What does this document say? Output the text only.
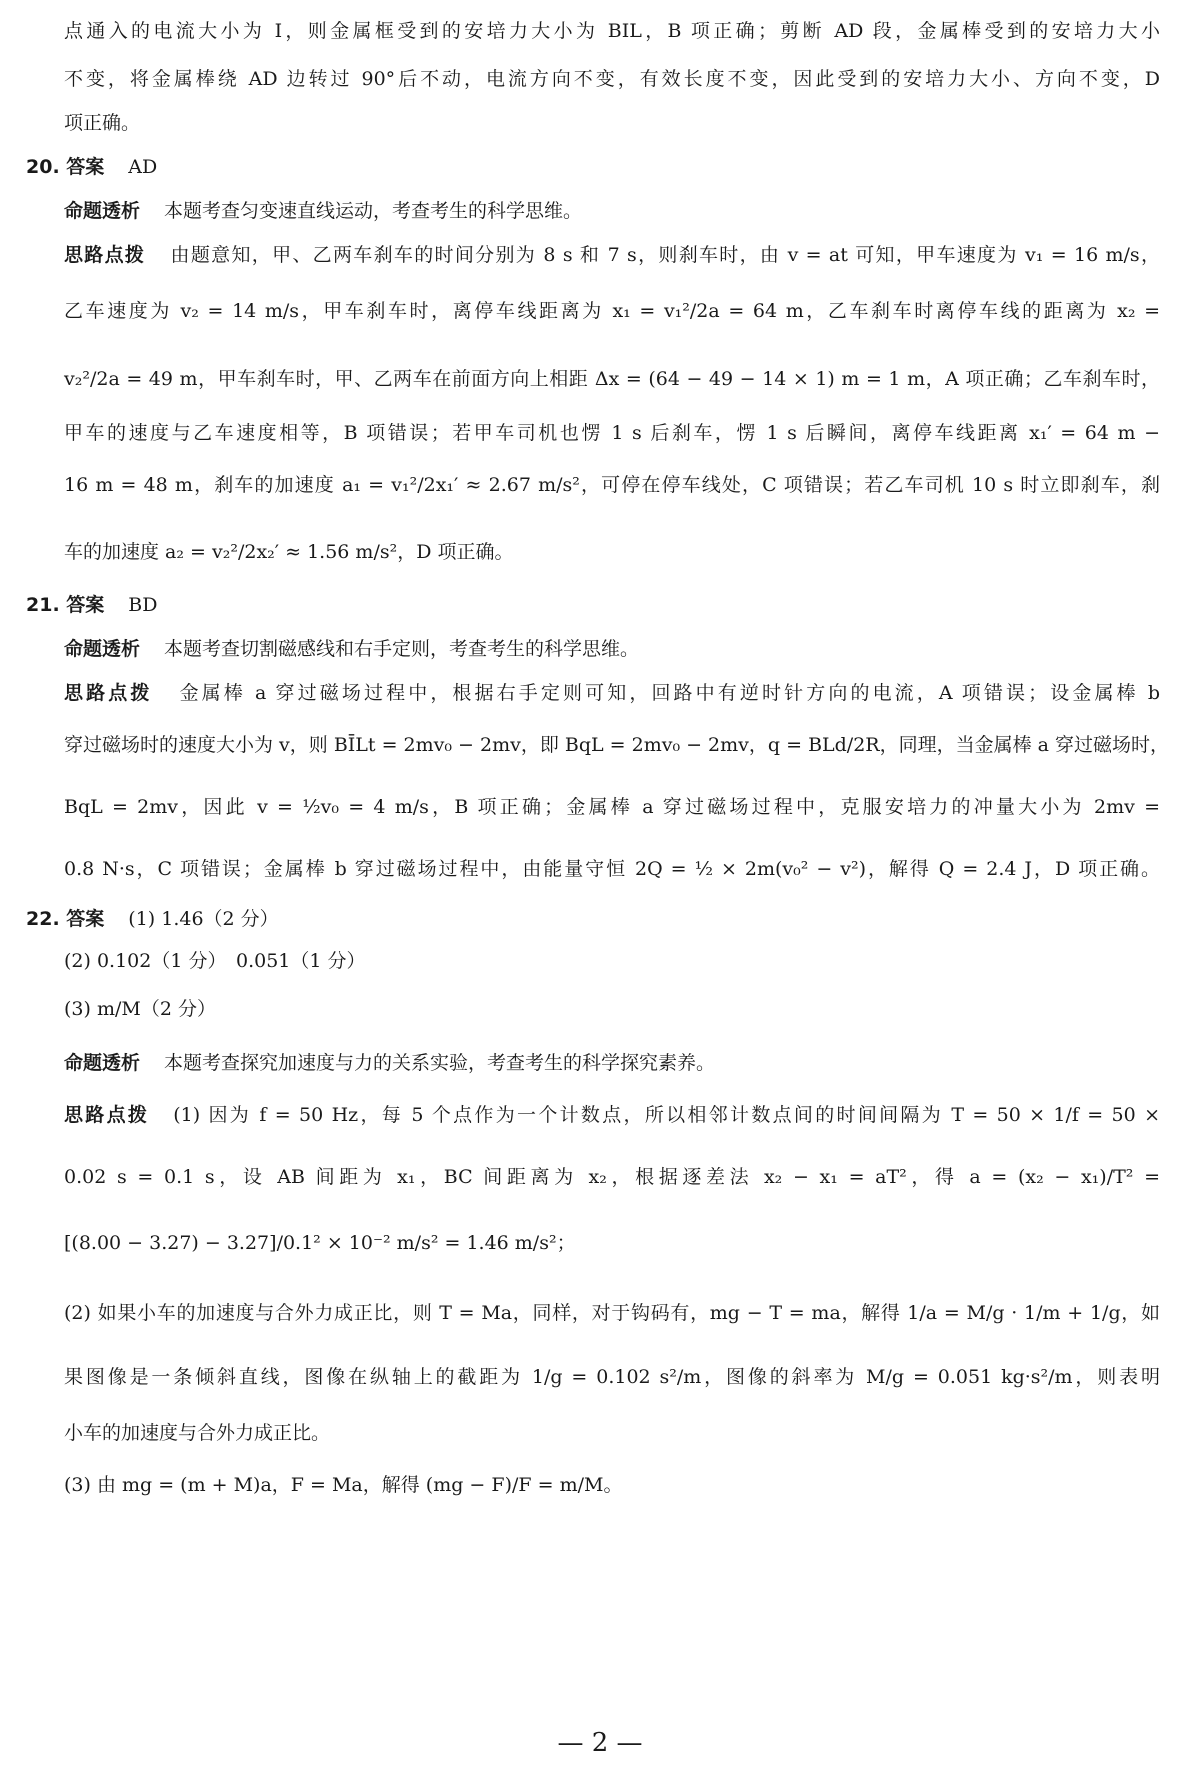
点通入的电流大小为 I，则金属框受到的安培力大小为 BIL，B 项正确；剪断 AD 段，金属棒受到的安培力大小
不变，将金属棒绕 AD 边转过 90°后不动，电流方向不变，有效长度不变，因此受到的安培力大小、方向不变，D
项正确。
20. 答案 AD
命题透析 本题考查匀变速直线运动，考查考生的科学思维。
思路点拨 由题意知，甲、乙两车刹车的时间分别为 8 s 和 7 s，则刹车时，由 v = at 可知，甲车速度为 v₁ = 16 m/s，
乙车速度为 v₂ = 14 m/s，甲车刹车时，离停车线距离为 x₁ = v₁²/2a = 64 m，乙车刹车时离停车线的距离为 x₂ =
v₂²/2a = 49 m，甲车刹车时，甲、乙两车在前面方向上相距 Δx = (64 − 49 − 14 × 1) m = 1 m，A 项正确；乙车刹车时，
甲车的速度与乙车速度相等，B 项错误；若甲车司机也愣 1 s 后刹车，愣 1 s 后瞬间，离停车线距离 x₁′ = 64 m −
16 m = 48 m，刹车的加速度 a₁ = v₁²/2x₁′ ≈ 2.67 m/s²，可停在停车线处，C 项错误；若乙车司机 10 s 时立即刹车，刹
车的加速度 a₂ = v₂²/2x₂′ ≈ 1.56 m/s²，D 项正确。
21. 答案 BD
命题透析 本题考查切割磁感线和右手定则，考查考生的科学思维。
思路点拨 金属棒 a 穿过磁场过程中，根据右手定则可知，回路中有逆时针方向的电流，A 项错误；设金属棒 b
穿过磁场时的速度大小为 v，则 BĪLt = 2mv₀ − 2mv，即 BqL = 2mv₀ − 2mv，q = BLd/2R，同理，当金属棒 a 穿过磁场时，
BqL = 2mv，因此 v = ½v₀ = 4 m/s，B 项正确；金属棒 a 穿过磁场过程中，克服安培力的冲量大小为 2mv =
0.8 N·s，C 项错误；金属棒 b 穿过磁场过程中，由能量守恒 2Q = ½ × 2m(v₀² − v²)，解得 Q = 2.4 J，D 项正确。
22. 答案 (1) 1.46（2 分）
(2) 0.102（1 分）　0.051（1 分）
(3) m/M（2 分）
命题透析 本题考查探究加速度与力的关系实验，考查考生的科学探究素养。
思路点拨 (1) 因为 f = 50 Hz，每 5 个点作为一个计数点，所以相邻计数点间的时间间隔为 T = 50 × 1/f = 50 ×
0.02 s = 0.1 s，设 AB 间距为 x₁，BC 间距离为 x₂，根据逐差法 x₂ − x₁ = aT²，得 a = (x₂ − x₁)/T² =
[(8.00 − 3.27) − 3.27]/0.1² × 10⁻² m/s² = 1.46 m/s²；
(2) 如果小车的加速度与合外力成正比，则 T = Ma，同样，对于钩码有，mg − T = ma，解得 1/a = M/g · 1/m + 1/g，如
果图像是一条倾斜直线，图像在纵轴上的截距为 1/g = 0.102 s²/m，图像的斜率为 M/g = 0.051 kg·s²/m，则表明
小车的加速度与合外力成正比。
(3) 由 mg = (m + M)a，F = Ma，解得 (mg − F)/F = m/M。
— 2 —
